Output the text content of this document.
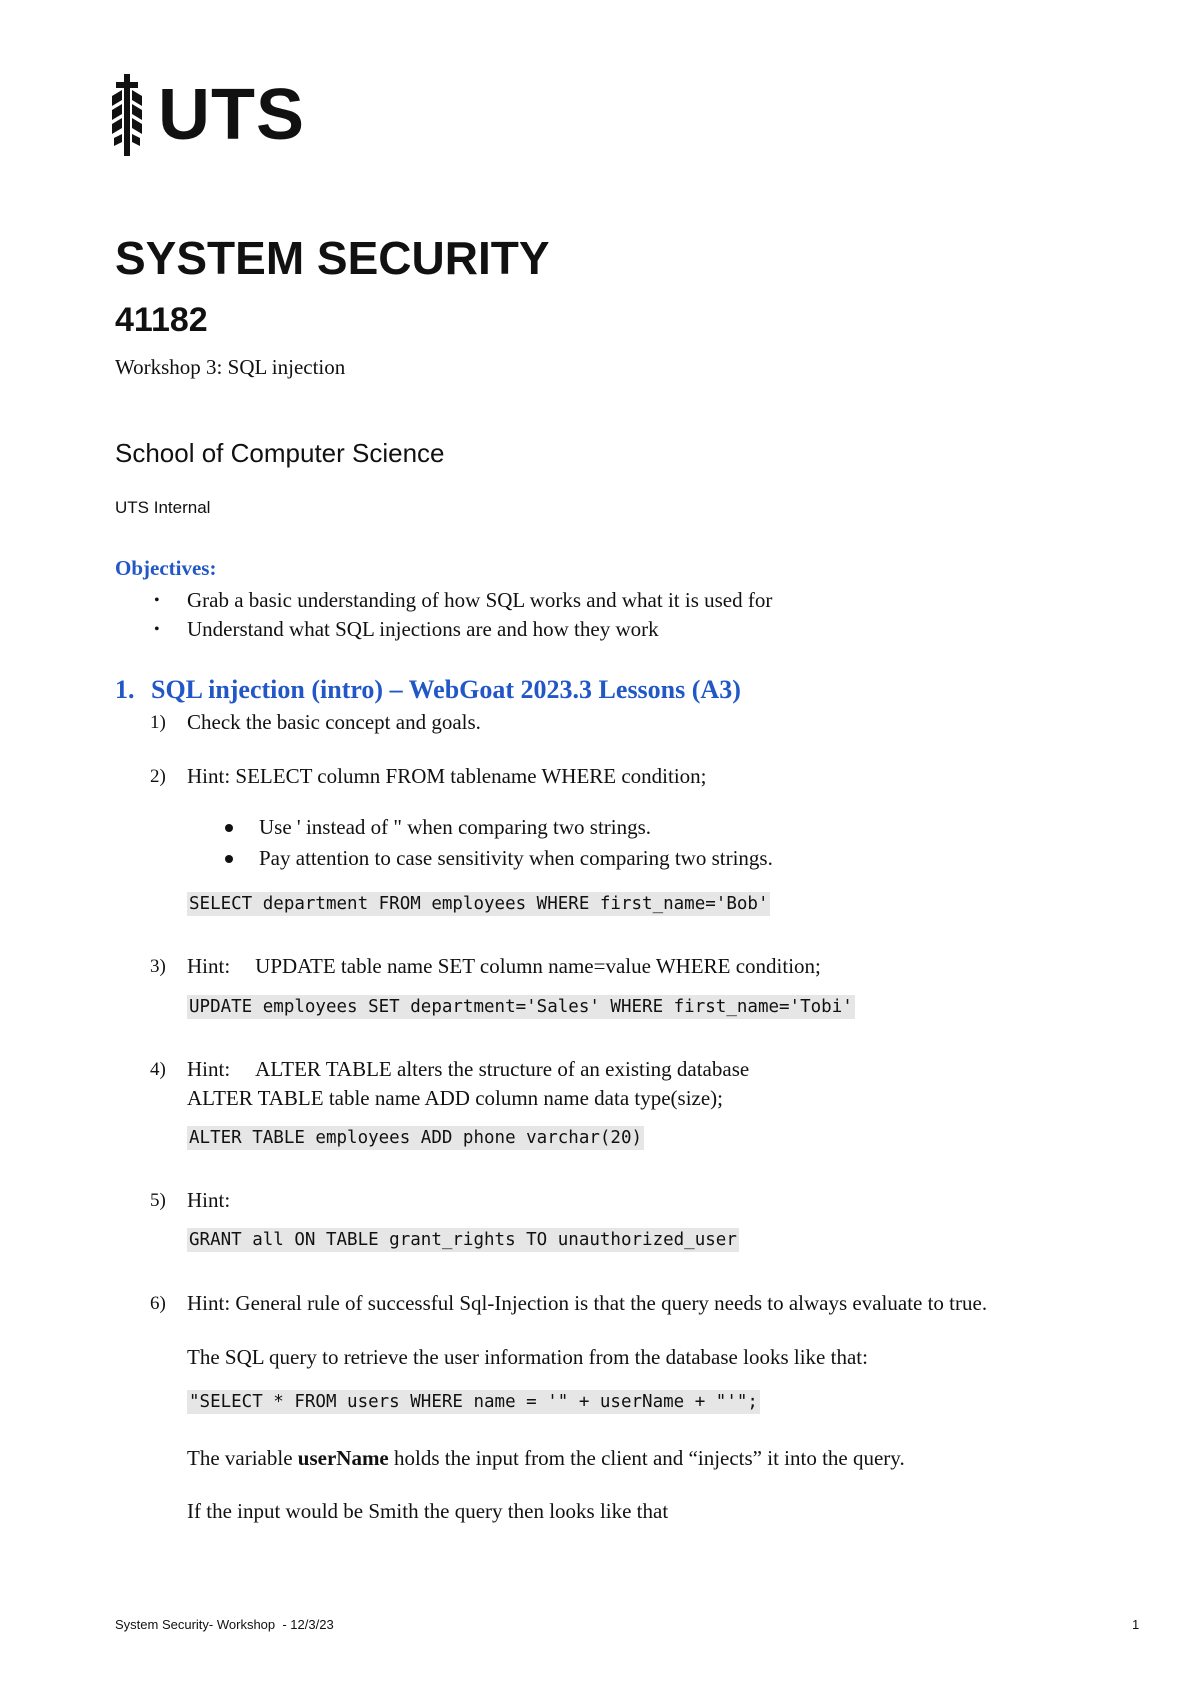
UTS
SYSTEM SECURITY
41182
Workshop 3: SQL injection
School of Computer Science
UTS Internal
Objectives:
• Grab a basic understanding of how SQL works and what it is used for
• Understand what SQL injections are and how they work
1. SQL injection (intro) – WebGoat 2023.3 Lessons (A3)
1)	Check the basic concept and goals.
2)	Hint: SELECT column FROM tablename WHERE condition;
Use ' instead of " when comparing two strings.
Pay attention to case sensitivity when comparing two strings.
SELECT department FROM employees WHERE first_name='Bob'
3)	Hint: UPDATE table name SET column name=value WHERE condition;
UPDATE employees SET department='Sales' WHERE first_name='Tobi'
4)	Hint: ALTER TABLE alters the structure of an existing database
ALTER TABLE table name ADD column name data type(size);
ALTER TABLE employees ADD phone varchar(20)
5)	Hint:
GRANT all ON TABLE grant_rights TO unauthorized_user
6)	Hint: General rule of successful Sql-Injection is that the query needs to always evaluate to true.
The SQL query to retrieve the user information from the database looks like that:
"SELECT * FROM users WHERE name = '" + userName + "'";
The variable userName holds the input from the client and “injects” it into the query.
If the input would be Smith the query then looks like that
System Security- Workshop  - 12/3/23	1
